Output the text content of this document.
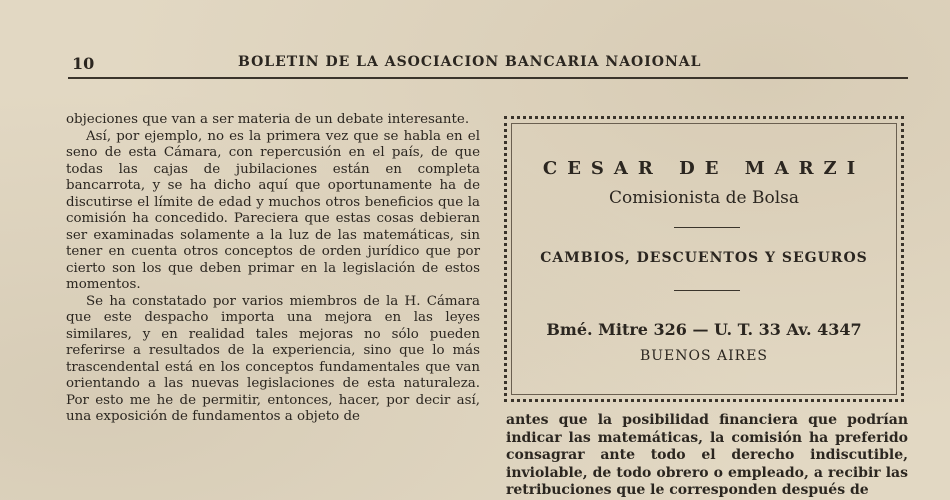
10	BOLETIN DE LA ASOCIACION BANCARIA NAOIONAL

objeciones que van a ser materia de un debate interesante.

Así, por ejemplo, no es la primera vez que se habla en el seno de esta Cámara, con repercusión en el país, de que todas las cajas de jubilaciones están en completa bancarrota, y se ha dicho aquí que oportunamente ha de discutirse el límite de edad y muchos otros beneficios que la comisión ha concedido. Pareciera que estas cosas debieran ser examinadas solamente a la luz de las matemáticas, sin tener en cuenta otros conceptos de orden jurídico que por cierto son los que deben primar en la legislación de estos momentos.

Se ha constatado por varios miembros de la H. Cámara que este despacho importa una mejora en las leyes similares, y en realidad tales mejoras no sólo pueden referirse a resultados de la experiencia, sino que lo más trascendental está en los conceptos fundamentales que van orientando a las nuevas legislaciones de esta naturaleza. Por esto me he de permitir, entonces, hacer, por decir así, una exposición de fundamentos a objeto de

CESAR DE MARZI
Comisionista de Bolsa
CAMBIOS, DESCUENTOS Y SEGUROS
Bmé. Mitre 326 — U. T. 33 Av. 4347
BUENOS AIRES

antes que la posibilidad financiera que podrían indicar las matemáticas, la comisión ha preferido consagrar ante todo el derecho indiscutible, inviolable, de todo obrero o empleado, a recibir las retribuciones que le corresponden después de
